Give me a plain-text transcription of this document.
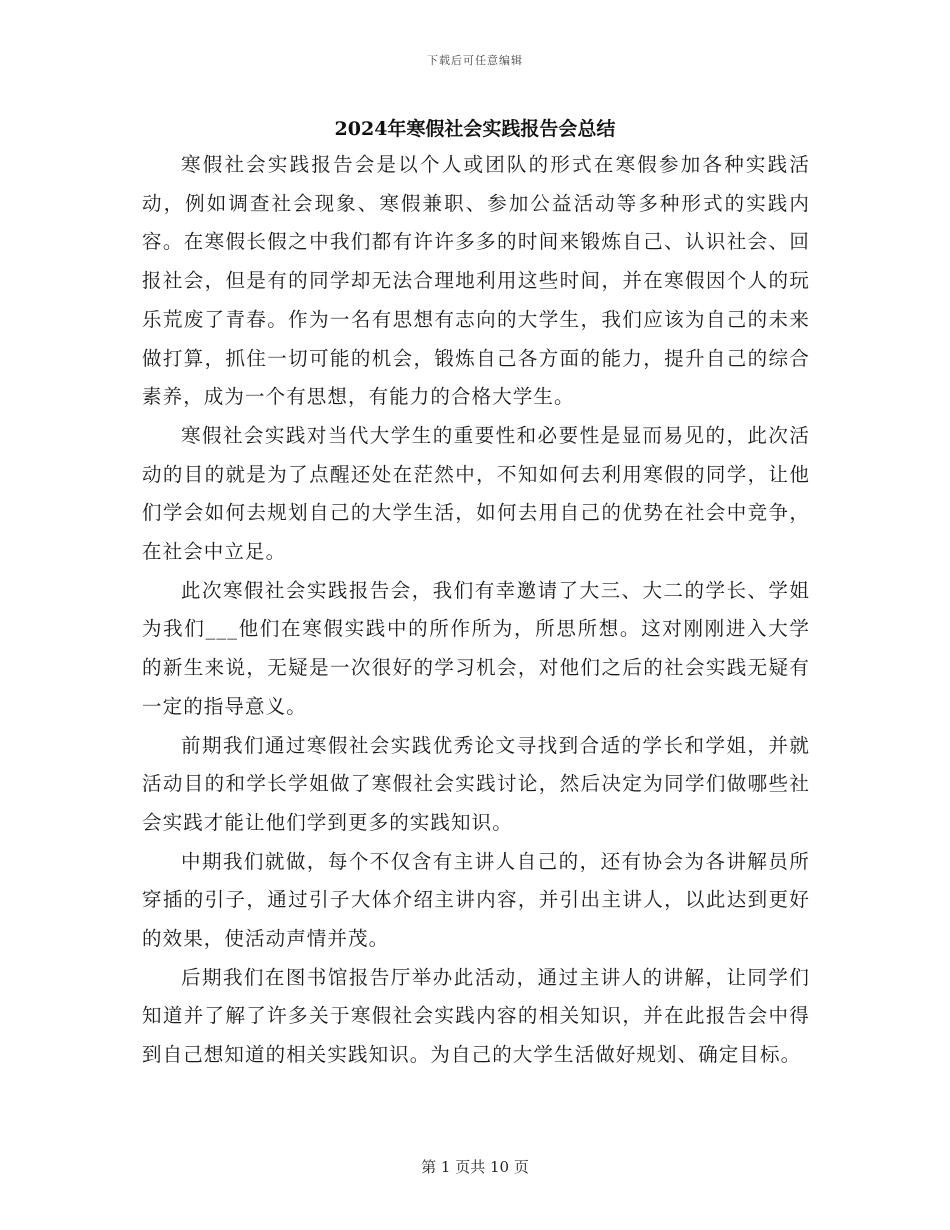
下载后可任意编辑
2024年寒假社会实践报告会总结

寒假社会实践报告会是以个人或团队的形式在寒假参加各种实践活动，例如调查社会现象、寒假兼职、参加公益活动等多种形式的实践内容。在寒假长假之中我们都有许许多多的时间来锻炼自己、认识社会、回报社会，但是有的同学却无法合理地利用这些时间，并在寒假因个人的玩乐荒废了青春。作为一名有思想有志向的大学生，我们应该为自己的未来做打算，抓住一切可能的机会，锻炼自己各方面的能力，提升自己的综合素养，成为一个有思想，有能力的合格大学生。

寒假社会实践对当代大学生的重要性和必要性是显而易见的，此次活动的目的就是为了点醒还处在茫然中，不知如何去利用寒假的同学，让他们学会如何去规划自己的大学生活，如何去用自己的优势在社会中竞争，在社会中立足。

此次寒假社会实践报告会，我们有幸邀请了大三、大二的学长、学姐为我们___他们在寒假实践中的所作所为，所思所想。这对刚刚进入大学的新生来说，无疑是一次很好的学习机会，对他们之后的社会实践无疑有一定的指导意义。

前期我们通过寒假社会实践优秀论文寻找到合适的学长和学姐，并就活动目的和学长学姐做了寒假社会实践讨论，然后决定为同学们做哪些社会实践才能让他们学到更多的实践知识。

中期我们就做，每个不仅含有主讲人自己的，还有协会为各讲解员所穿插的引子，通过引子大体介绍主讲内容，并引出主讲人，以此达到更好的效果，使活动声情并茂。

后期我们在图书馆报告厅举办此活动，通过主讲人的讲解，让同学们知道并了解了许多关于寒假社会实践内容的相关知识，并在此报告会中得到自己想知道的相关实践知识。为自己的大学生活做好规划、确定目标。

第 1 页共 10 页
